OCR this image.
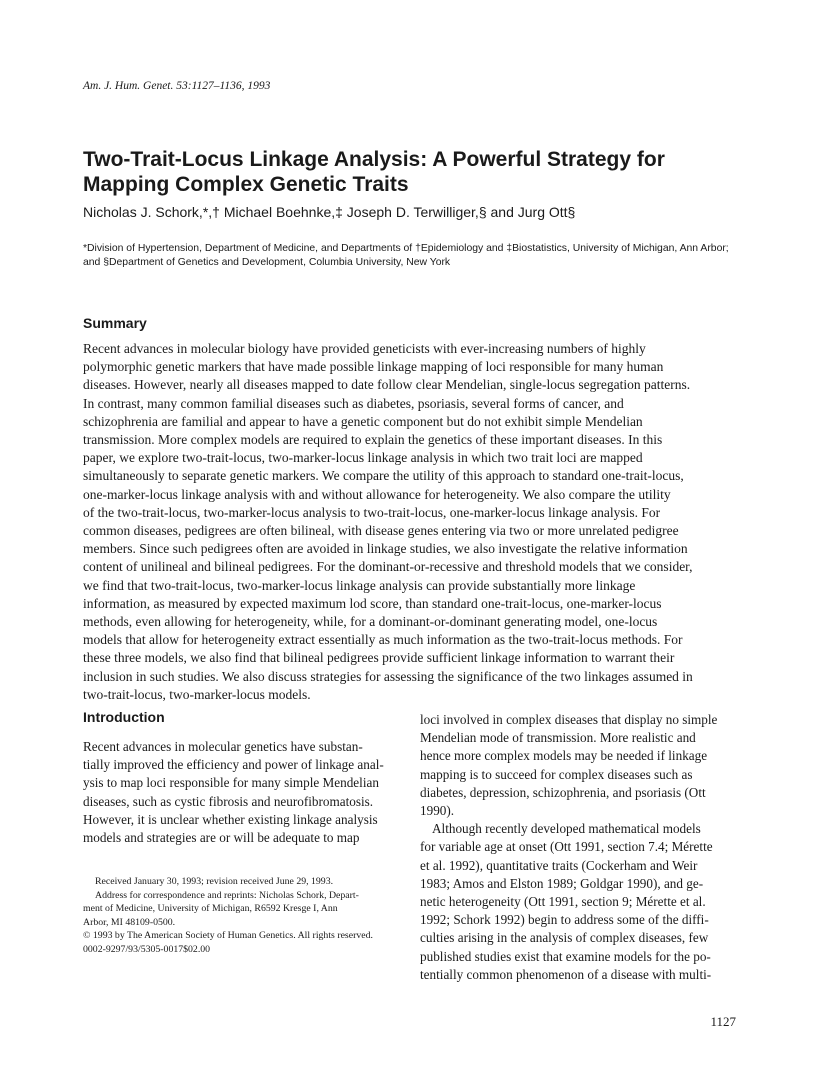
Am. J. Hum. Genet. 53:1127–1136, 1993
Two-Trait-Locus Linkage Analysis: A Powerful Strategy for
Mapping Complex Genetic Traits
Nicholas J. Schork,*,† Michael Boehnke,‡ Joseph D. Terwilliger,§ and Jurg Ott§
*Division of Hypertension, Department of Medicine, and Departments of †Epidemiology and ‡Biostatistics, University of Michigan, Ann Arbor;
and §Department of Genetics and Development, Columbia University, New York
Summary
Recent advances in molecular biology have provided geneticists with ever-increasing numbers of highly
polymorphic genetic markers that have made possible linkage mapping of loci responsible for many human
diseases. However, nearly all diseases mapped to date follow clear Mendelian, single-locus segregation patterns.
In contrast, many common familial diseases such as diabetes, psoriasis, several forms of cancer, and
schizophrenia are familial and appear to have a genetic component but do not exhibit simple Mendelian
transmission. More complex models are required to explain the genetics of these important diseases. In this
paper, we explore two-trait-locus, two-marker-locus linkage analysis in which two trait loci are mapped
simultaneously to separate genetic markers. We compare the utility of this approach to standard one-trait-locus,
one-marker-locus linkage analysis with and without allowance for heterogeneity. We also compare the utility
of the two-trait-locus, two-marker-locus analysis to two-trait-locus, one-marker-locus linkage analysis. For
common diseases, pedigrees are often bilineal, with disease genes entering via two or more unrelated pedigree
members. Since such pedigrees often are avoided in linkage studies, we also investigate the relative information
content of unilineal and bilineal pedigrees. For the dominant-or-recessive and threshold models that we consider,
we find that two-trait-locus, two-marker-locus linkage analysis can provide substantially more linkage
information, as measured by expected maximum lod score, than standard one-trait-locus, one-marker-locus
methods, even allowing for heterogeneity, while, for a dominant-or-dominant generating model, one-locus
models that allow for heterogeneity extract essentially as much information as the two-trait-locus methods. For
these three models, we also find that bilineal pedigrees provide sufficient linkage information to warrant their
inclusion in such studies. We also discuss strategies for assessing the significance of the two linkages assumed in
two-trait-locus, two-marker-locus models.
Introduction
Recent advances in molecular genetics have substan-
tially improved the efficiency and power of linkage anal-
ysis to map loci responsible for many simple Mendelian
diseases, such as cystic fibrosis and neurofibromatosis.
However, it is unclear whether existing linkage analysis
models and strategies are or will be adequate to map
loci involved in complex diseases that display no simple
Mendelian mode of transmission. More realistic and
hence more complex models may be needed if linkage
mapping is to succeed for complex diseases such as
diabetes, depression, schizophrenia, and psoriasis (Ott
1990).
Although recently developed mathematical models
for variable age at onset (Ott 1991, section 7.4; Mérette
et al. 1992), quantitative traits (Cockerham and Weir
1983; Amos and Elston 1989; Goldgar 1990), and ge-
netic heterogeneity (Ott 1991, section 9; Mérette et al.
1992; Schork 1992) begin to address some of the diffi-
culties arising in the analysis of complex diseases, few
published studies exist that examine models for the po-
tentially common phenomenon of a disease with multi-
Received January 30, 1993; revision received June 29, 1993.
Address for correspondence and reprints: Nicholas Schork, Depart-
ment of Medicine, University of Michigan, R6592 Kresge I, Ann
Arbor, MI 48109-0500.
© 1993 by The American Society of Human Genetics. All rights reserved.
0002-9297/93/5305-0017$02.00
1127
